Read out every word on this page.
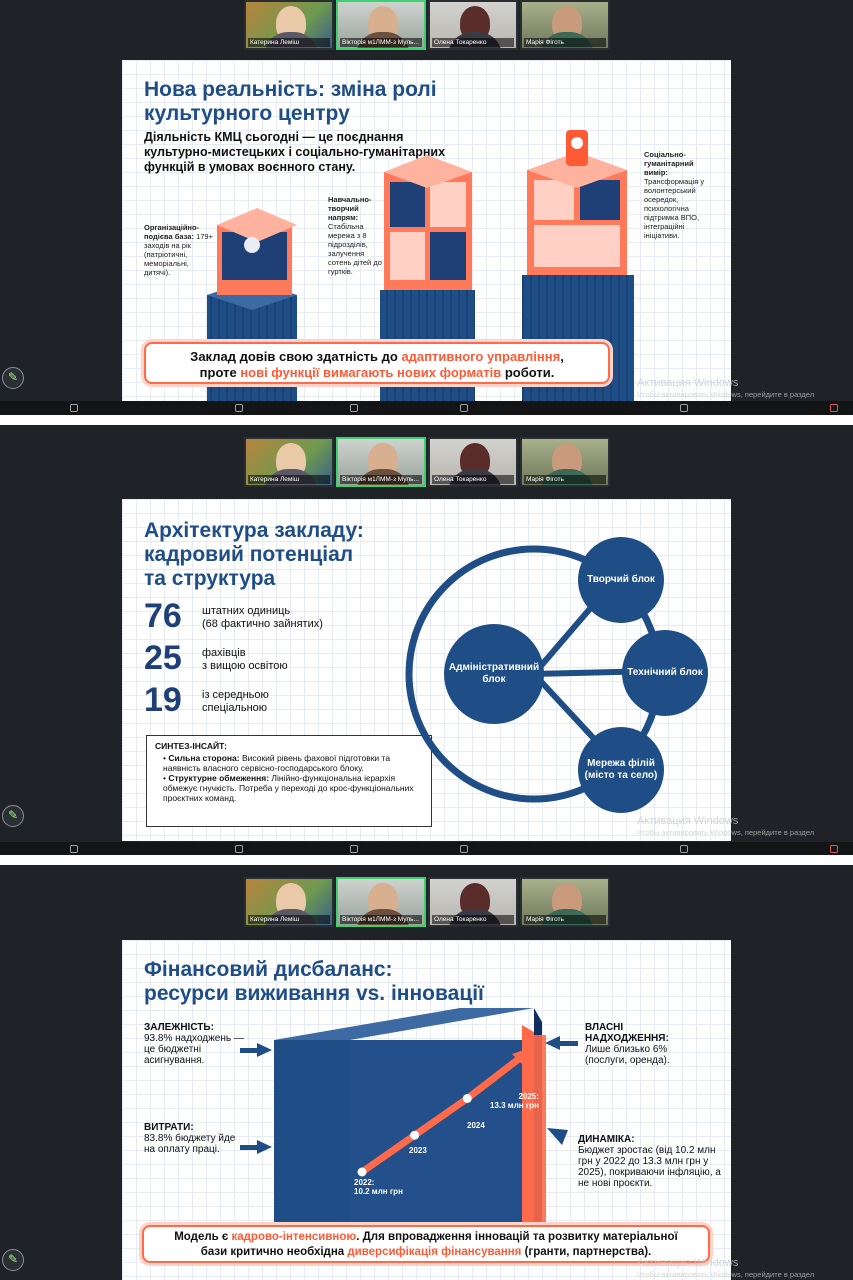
Катерина Леміш	Вікторія м1ЛММ-з Муль...	Олена Токаренко	Марія Фіготь
Нова реальність: зміна ролі
культурного центру
Діяльність КМЦ сьогодні — це поєднання
культурно-мистецьких і соціально-гуманітарних
функцій в умовах воєнного стану.
Організаційно-подієва база: 179+ заходів на рік (патріотичні, меморіальні, дитячі).
Навчально-творчий напрям: Стабільна мережа з 8 підрозділів, залучення сотень дітей до гуртків.
Соціально-гуманітарний вимір: Трансформація у волонтерський осередок, психологічна підтримка ВПО, інтеграційні ініціативи.
Заклад довів свою здатність до адаптивного управління,
проте нові функції вимагають нових форматів роботи.
Активация Windows
Чтобы активировать Windows, перейдите в раздел
✎
Катерина Леміш	Вікторія м1ЛММ-з Муль...	Олена Токаренко	Марія Фіготь
Архітектура закладу:
кадровий потенціал
та структура
76 штатних одиниць
(68 фактично зайнятих)
25 фахівців
з вищою освітою
19 із середньою
спеціальною
СИНТЕЗ-ІНСАЙТ:
• Сильна сторона: Високий рівень фахової підготовки та наявність власного сервісно-господарського блоку.
• Структурне обмеження: Лінійно-функціональна ієрархія обмежує гнучкість. Потреба у переході до крос-функціональних проєктних команд.
Адміністративний блок
Творчий блок
Технічний блок
Мережа філій (місто та село)
Активация Windows
Чтобы активировать Windows, перейдите в раздел
✎
Катерина Леміш	Вікторія м1ЛММ-з Муль...	Олена Токаренко	Марія Фіготь
Фінансовий дисбаланс:
ресурси виживання vs. інновації
2022:
10.2 млн грн
2023
2024
2025:
13.3 млн грн
ЗАЛЕЖНІСТЬ:
93.8% надходжень — це бюджетні асигнування.
ВИТРАТИ:
83.8% бюджету йде на оплату праці.
ВЛАСНІ НАДХОДЖЕННЯ:
Лише близько 6% (послуги, оренда).
ДИНАМІКА:
Бюджет зростає (від 10.2 млн грн у 2022 до 13.3 млн грн у 2025), покриваючи інфляцію, а не нові проєкти.
Модель є кадрово-інтенсивною. Для впровадження інновацій та розвитку матеріальної
бази критично необхідна диверсифікація фінансування (гранти, партнерства).
Активация Windows
Чтобы активировать Windows, перейдите в раздел
✎
